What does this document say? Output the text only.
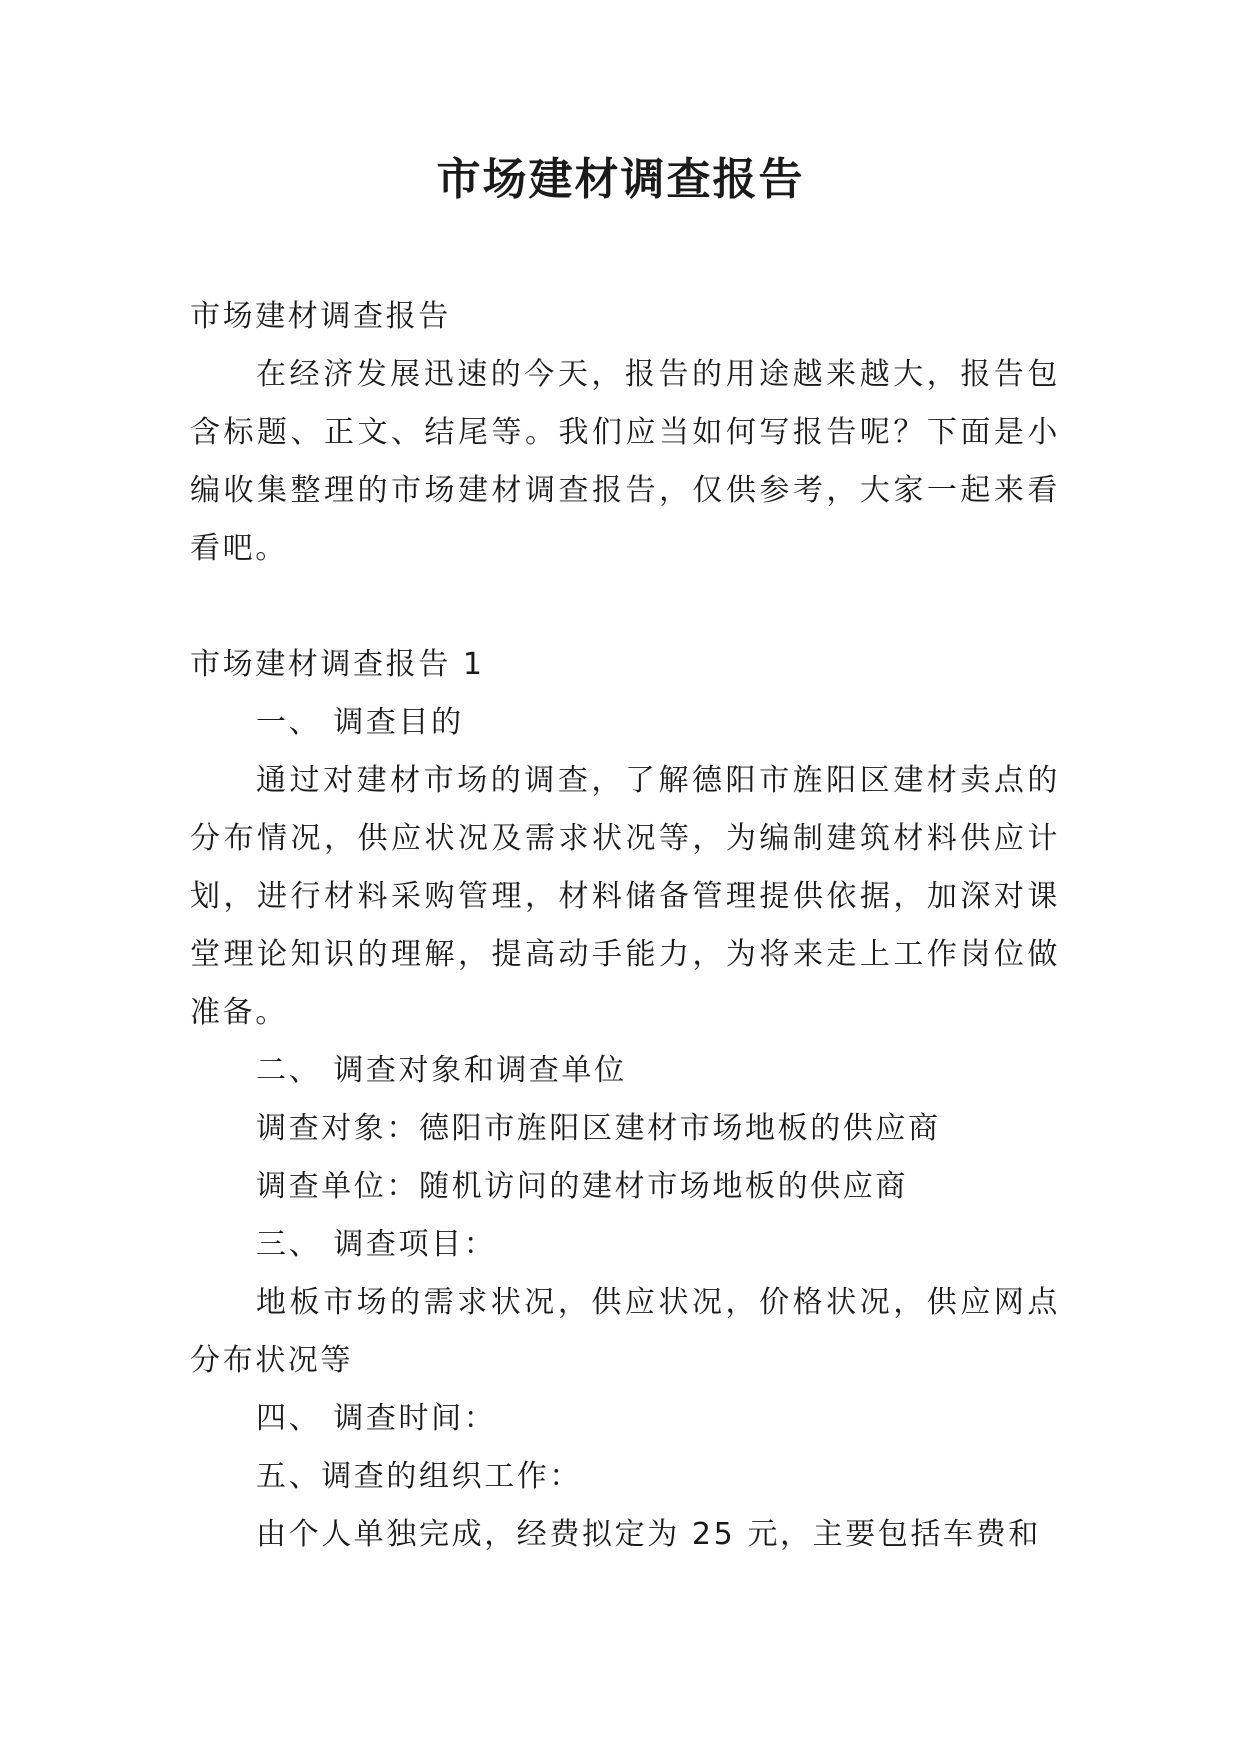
市场建材调查报告

市场建材调查报告

在经济发展迅速的今天，报告的用途越来越大，报告包含标题、正文、结尾等。我们应当如何写报告呢？下面是小编收集整理的市场建材调查报告，仅供参考，大家一起来看看吧。

市场建材调查报告 1

一、 调查目的

通过对建材市场的调查，了解德阳市旌阳区建材卖点的分布情况，供应状况及需求状况等，为编制建筑材料供应计划，进行材料采购管理，材料储备管理提供依据，加深对课堂理论知识的理解，提高动手能力，为将来走上工作岗位做准备。

二、 调查对象和调查单位

调查对象：德阳市旌阳区建材市场地板的供应商

调查单位：随机访问的建材市场地板的供应商

三、 调查项目：

地板市场的需求状况，供应状况，价格状况，供应网点分布状况等

四、 调查时间：

五、调查的组织工作：

由个人单独完成，经费拟定为 25 元，主要包括车费和
